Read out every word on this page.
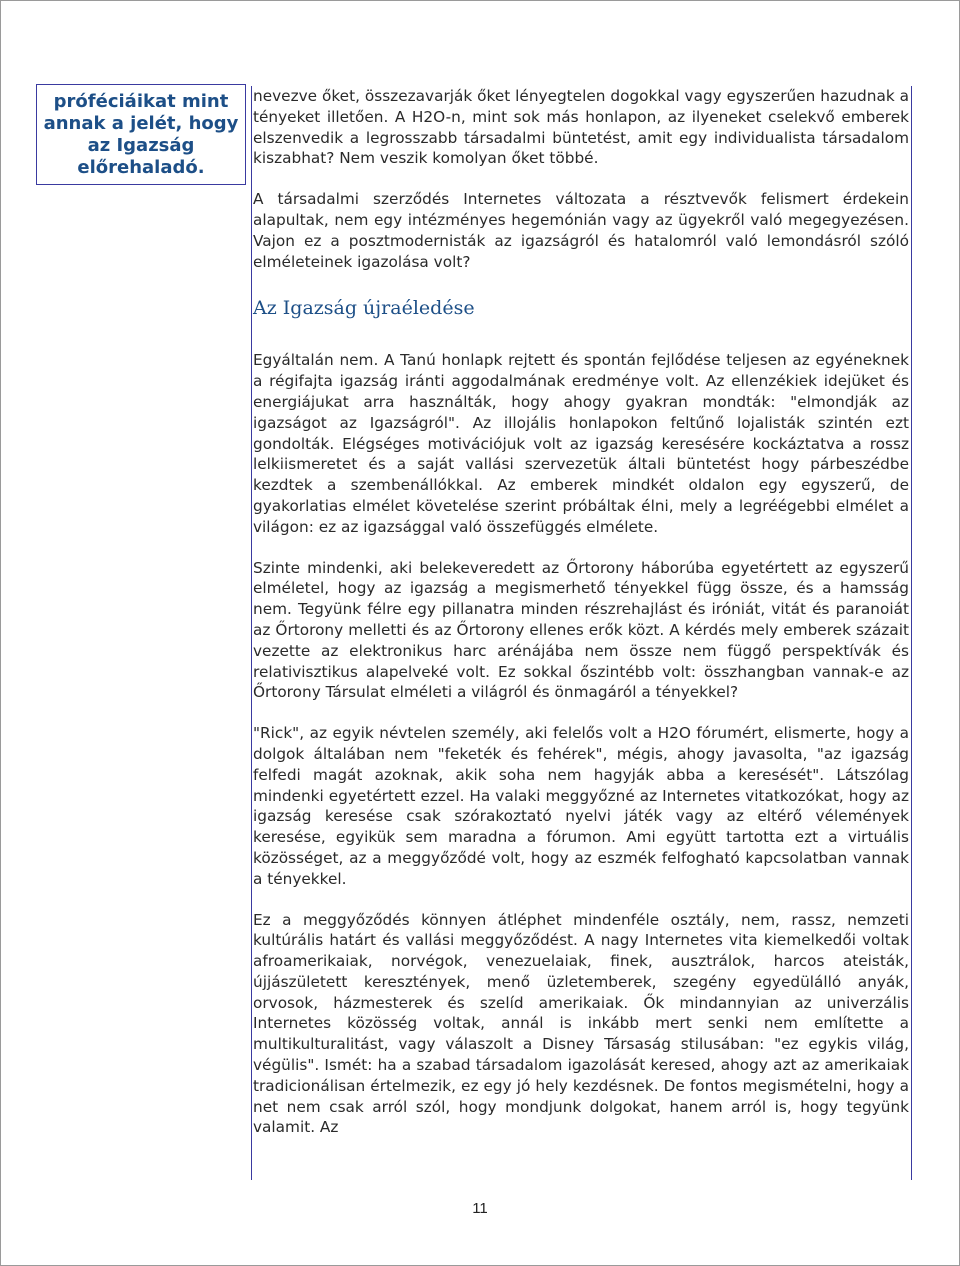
próféciáikat mint
annak a jelét, hogy
az Igazság
előrehaladó.

nevezve őket, összezavarják őket lényegtelen dogokkal vagy egyszerűen hazudnak a tényeket illetően. A H2O-n, mint sok más honlapon, az ilyeneket cselekvő emberek elszenvedik a legrosszabb társadalmi büntetést, amit egy individualista társadalom kiszabhat? Nem veszik komolyan őket többé.

A társadalmi szerződés Internetes változata a résztvevők felismert érdekein alapultak, nem egy intézményes hegemónián vagy az ügyekről való megegyezésen. Vajon ez a posztmodernisták az igazságról és hatalomról való lemondásról szóló elméleteinek igazolása volt?

Az Igazság újraéledése

Egyáltalán nem. A Tanú honlapk rejtett és spontán fejlődése teljesen az egyéneknek a régifajta igazság iránti aggodalmának eredménye volt. Az ellenzékiek idejüket és energiájukat arra használták, hogy ahogy gyakran mondták: "elmondják az igazságot az Igazságról". Az illojális honlapokon feltűnő lojalisták szintén ezt gondolták. Elégséges motivációjuk volt az igazság keresésére kockáztatva a rossz lelkiismeretet és a saját vallási szervezetük általi büntetést hogy párbeszédbe kezdtek a szembenállókkal. Az emberek mindkét oldalon egy egyszerű, de gyakorlatias elmélet követelése szerint próbáltak élni, mely a legréégebbi elmélet a világon: ez az igazsággal való összefüggés elmélete.

Szinte mindenki, aki belekeveredett az Őrtorony háborúba egyetértett az egyszerű elméletel, hogy az igazság a megismerhető tényekkel függ össze, és a hamsság nem. Tegyünk félre egy pillanatra minden részrehajlást és iróniát, vitát és paranoiát az Őrtorony melletti és az Őrtorony ellenes erők közt. A kérdés mely emberek százait vezette az elektronikus harc arénájába nem össze nem függő perspektívák és relativisztikus alapelveké volt. Ez sokkal őszintébb volt: összhangban vannak-e az Őrtorony Társulat elméleti a világról és önmagáról a tényekkel?

"Rick", az egyik névtelen személy, aki felelős volt a H2O fórumért, elismerte, hogy a dolgok általában nem "feketék és fehérek", mégis, ahogy javasolta, "az igazság felfedi magát azoknak, akik soha nem hagyják abba a keresését". Látszólag mindenki egyetértett ezzel. Ha valaki meggyőzné az Internetes vitatkozókat, hogy az igazság keresése csak szórakoztató nyelvi játék vagy az eltérő vélemények keresése, egyikük sem maradna a fórumon. Ami együtt tartotta ezt a virtuális közösséget, az a meggyőződé volt, hogy az eszmék felfogható kapcsolatban vannak a tényekkel.

Ez a meggyőződés könnyen átléphet mindenféle osztály, nem, rassz, nemzeti kultúrális határt és vallási meggyőződést. A nagy Internetes vita kiemelkedői voltak afroamerikaiak, norvégok, venezuelaiak, finek, ausztrálok, harcos ateisták, újjászületett keresztények, menő üzletemberek, szegény egyedülálló anyák, orvosok, házmesterek és szelíd amerikaiak. Ők mindannyian az univerzális Internetes közösség voltak, annál is inkább mert senki nem említette a multikulturalitást, vagy válaszolt a Disney Társaság stilusában: "ez egykis világ, végülis". Ismét: ha a szabad társadalom igazolását keresed, ahogy azt az amerikaiak tradicionálisan értelmezik, ez egy jó hely kezdésnek. De fontos megismételni, hogy a net nem csak arról szól, hogy mondjunk dolgokat, hanem arról is, hogy tegyünk valamit. Az

11
